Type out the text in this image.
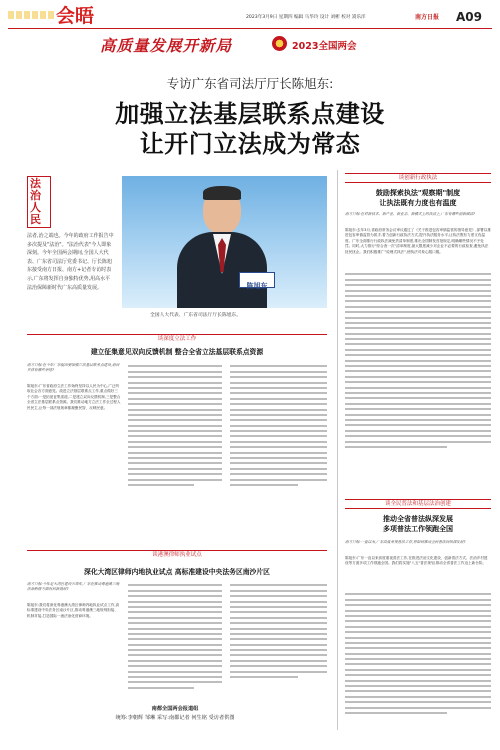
会晤	2023年3月9日 星期四 编辑 马华玲 设计 刘彬 校对 嵩乐洋	南方日报 A09
高质量发展开新局	2023全国两会
专访广东省司法厅厅长陈旭东:
加强立法基层联系点建设
让开门立法成为常态
法治人民
法者,治之端也。今年的政府工作报告中多次提及"法治"。"法治代表"今人即象深刻。今年全国两会期间,全国人大代表、广东省司法厅党委书记、厅长陈旭东接受南方日报、南方+记者专访时表示,广东将发挥自身独特优势,用高水平法治保障新时代广东高质量发展。	陈旭东
全国人大代表、广东省司法厅厅长陈旭东。
谈创新行政执法
鼓励探索执法"观察期"制度
让执法既有力度也有温度
南方日报:在对新技术、新产业、新业态、新模式上的执法上,广东有哪些创新做法?
陈旭东:去年3月,省政府常务会议审议通过了《关于推进包容审慎监管的指导意见》,部署以推进包容审慎监管为抓手,着力创新行政执法方式,提升执法服务水平,让执法既有力度又有温度。广东全面推行行政执法减免责清单制度,推出全国制发首批规定,明确哪些情况不予处罚。同时,大力推行"综合查一次"清单制度,最大限度减少对企业不必要的行政检查,避免执法扰民扰企。我们积极推广"说理式执法",使执法对象心服口服。
谈深度立法工作
建立征集意见双向反馈机制 整合全省立法基层联系点资源
南方日报:在今年广东提出要加强立法基层联系点建设,请问具体有哪些举措?
陈旭东:广东省政府立法工作始终坚持以人民为中心,广泛听取社会各方面意见。改进立法基层联系点工作,重点做好三个方面:一是拓宽征集渠道,二是建立双向反馈机制,三是整合全省立法基层联系点资源。我们推动地方立法工作全过程人民民主,让每一部法规规章都凝聚民智、反映民意。
谈港澳律师执业试点
深化大湾区律师内地执业试点 高标准建设中央法务区南沙片区
南方日报:今年是大湾区建设五周年,广东在推动粤港澳三地法治衔接方面有何新进展?
陈旭东:我们将深化粤港澳大湾区律师内地执业试点工作,高标准建设中央法务区南沙片区,推动粤港澳三地规则衔接、机制对接,打造国际一流法治化营商环境。
谈全民普法和基层法治创建
推动全省普法纵深发展
多项普法工作领跑全国
南方日报:一直以来,广东高度重视普法工作,将如何推动全民普法向纵深发展?
陈旭东:广东一直以来高度重视普法工作,在推进法治文化建设、创新普法方式、法治乡村建设等方面多项工作领跑全国。我们将实施"八五"普法规划,推动全省普法工作迈上新台阶。
南都全国两会报道组
统筹:李朝辉 邹琳 采写:南都记者 何生铭 受访者供图
